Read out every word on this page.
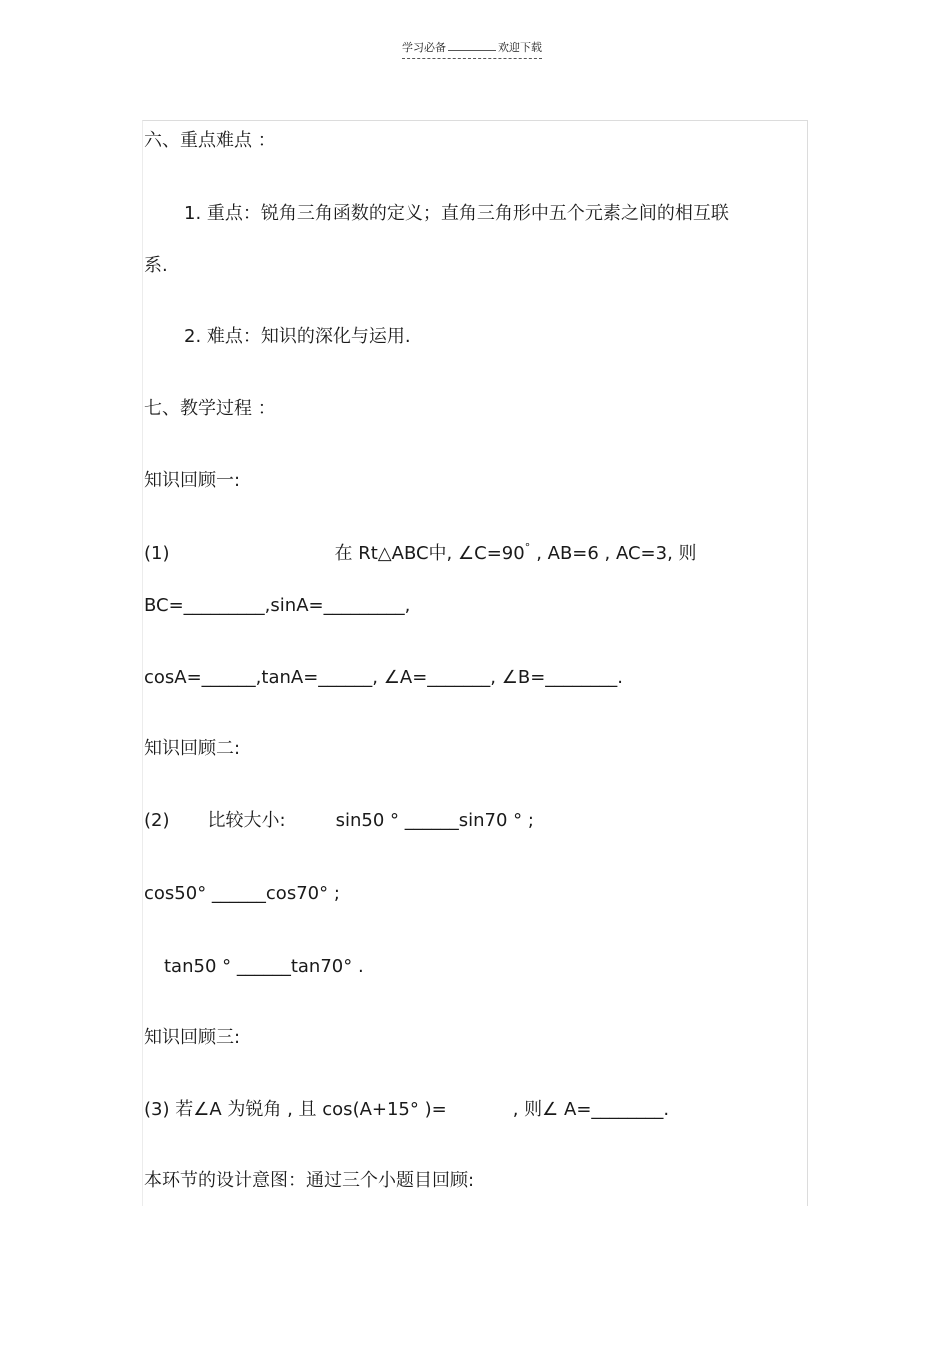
学习必备	欢迎下载
六、重点难点 ：
1. 重点：锐角三角函数的定义；直角三角形中五个元素之间的相互联
系.
2. 难点：知识的深化与运用.
七、教学过程 ：
知识回顾一:
(1)	在 Rt△ABC中, ∠C=90° , AB=6 , AC=3, 则
BC=_________,sinA=_________,
cosA=______,tanA=______, ∠A=_______, ∠B=________.
知识回顾二:
(2) 比较大小:	sin50 ° ______sin70 ° ;
cos50° ______cos70° ;
tan50 ° ______tan70° .
知识回顾三:
(3) 若∠A 为锐角 , 且 cos(A+15° )=	, 则∠ A=________.
本环节的设计意图：通过三个小题目回顾:
